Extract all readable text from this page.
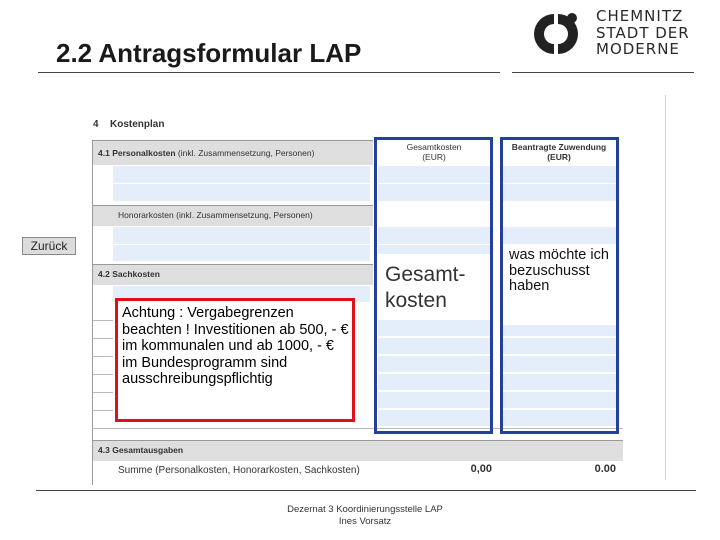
2.2 Antragsformular LAP
CHEMNITZ
STADT DER
MODERNE
4 Kostenplan
4.1 Personalkosten (inkl. Zusammensetzung, Personen)
Gesamtkosten
(EUR)
Beantragte Zuwendung
(EUR)
Honorarkosten (inkl. Zusammensetzung, Personen)
Zurück
4.2 Sachkosten
4.3 Gesamtausgaben
Summe (Personalkosten, Honorarkosten, Sachkosten)	0,00	0.00
Achtung : Vergabegrenzen beachten ! Investitionen ab 500, - € im kommunalen und ab 1000, - € im Bundesprogramm sind ausschreibungspflichtig
Gesamt-
kosten
was möchte ich bezuschusst haben
Dezernat 3 Koordinierungsstelle LAP
Ines Vorsatz
